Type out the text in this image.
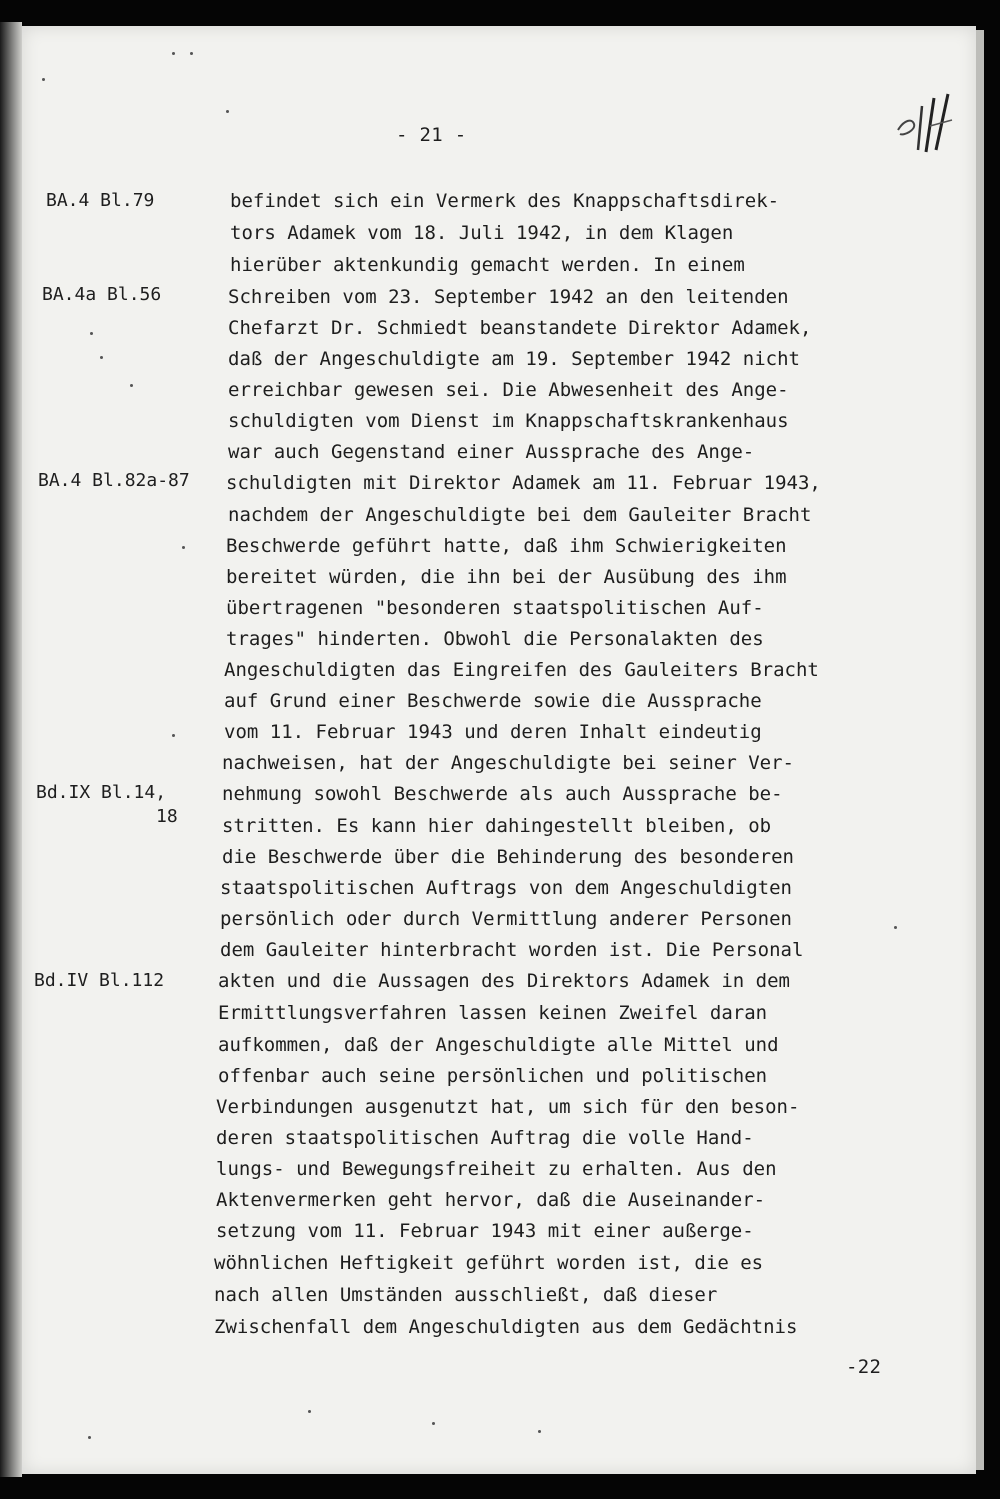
- 21 -
BA.4 Bl.79
BA.4a Bl.56
BA.4 Bl.82a-87
Bd.IX Bl.14,
18
Bd.IV Bl.112
befindet sich ein Vermerk des Knappschaftsdirek-
tors Adamek vom 18. Juli 1942, in dem Klagen
hierüber aktenkundig gemacht werden. In einem
Schreiben vom 23. September 1942 an den leitenden
Chefarzt Dr. Schmiedt beanstandete Direktor Adamek,
daß der Angeschuldigte am 19. September 1942 nicht
erreichbar gewesen sei. Die Abwesenheit des Ange-
schuldigten vom Dienst im Knappschaftskrankenhaus
war auch Gegenstand einer Aussprache des Ange-
schuldigten mit Direktor Adamek am 11. Februar 1943,
nachdem der Angeschuldigte bei dem Gauleiter Bracht
Beschwerde geführt hatte, daß ihm Schwierigkeiten
bereitet würden, die ihn bei der Ausübung des ihm
übertragenen "besonderen staatspolitischen Auf-
trages" hinderten. Obwohl die Personalakten des
Angeschuldigten das Eingreifen des Gauleiters Bracht
auf Grund einer Beschwerde sowie die Aussprache
vom 11. Februar 1943 und deren Inhalt eindeutig
nachweisen, hat der Angeschuldigte bei seiner Ver-
nehmung sowohl Beschwerde als auch Aussprache be-
stritten. Es kann hier dahingestellt bleiben, ob
die Beschwerde über die Behinderung des besonderen
staatspolitischen Auftrags von dem Angeschuldigten
persönlich oder durch Vermittlung anderer Personen
dem Gauleiter hinterbracht worden ist. Die Personal
akten und die Aussagen des Direktors Adamek in dem
Ermittlungsverfahren lassen keinen Zweifel daran
aufkommen, daß der Angeschuldigte alle Mittel und
offenbar auch seine persönlichen und politischen
Verbindungen ausgenutzt hat, um sich für den beson-
deren staatspolitischen Auftrag die volle Hand-
lungs- und Bewegungsfreiheit zu erhalten. Aus den
Aktenvermerken geht hervor, daß die Auseinander-
setzung vom 11. Februar 1943 mit einer außerge-
wöhnlichen Heftigkeit geführt worden ist, die es
nach allen Umständen ausschließt, daß dieser
Zwischenfall dem Angeschuldigten aus dem Gedächtnis
-22
